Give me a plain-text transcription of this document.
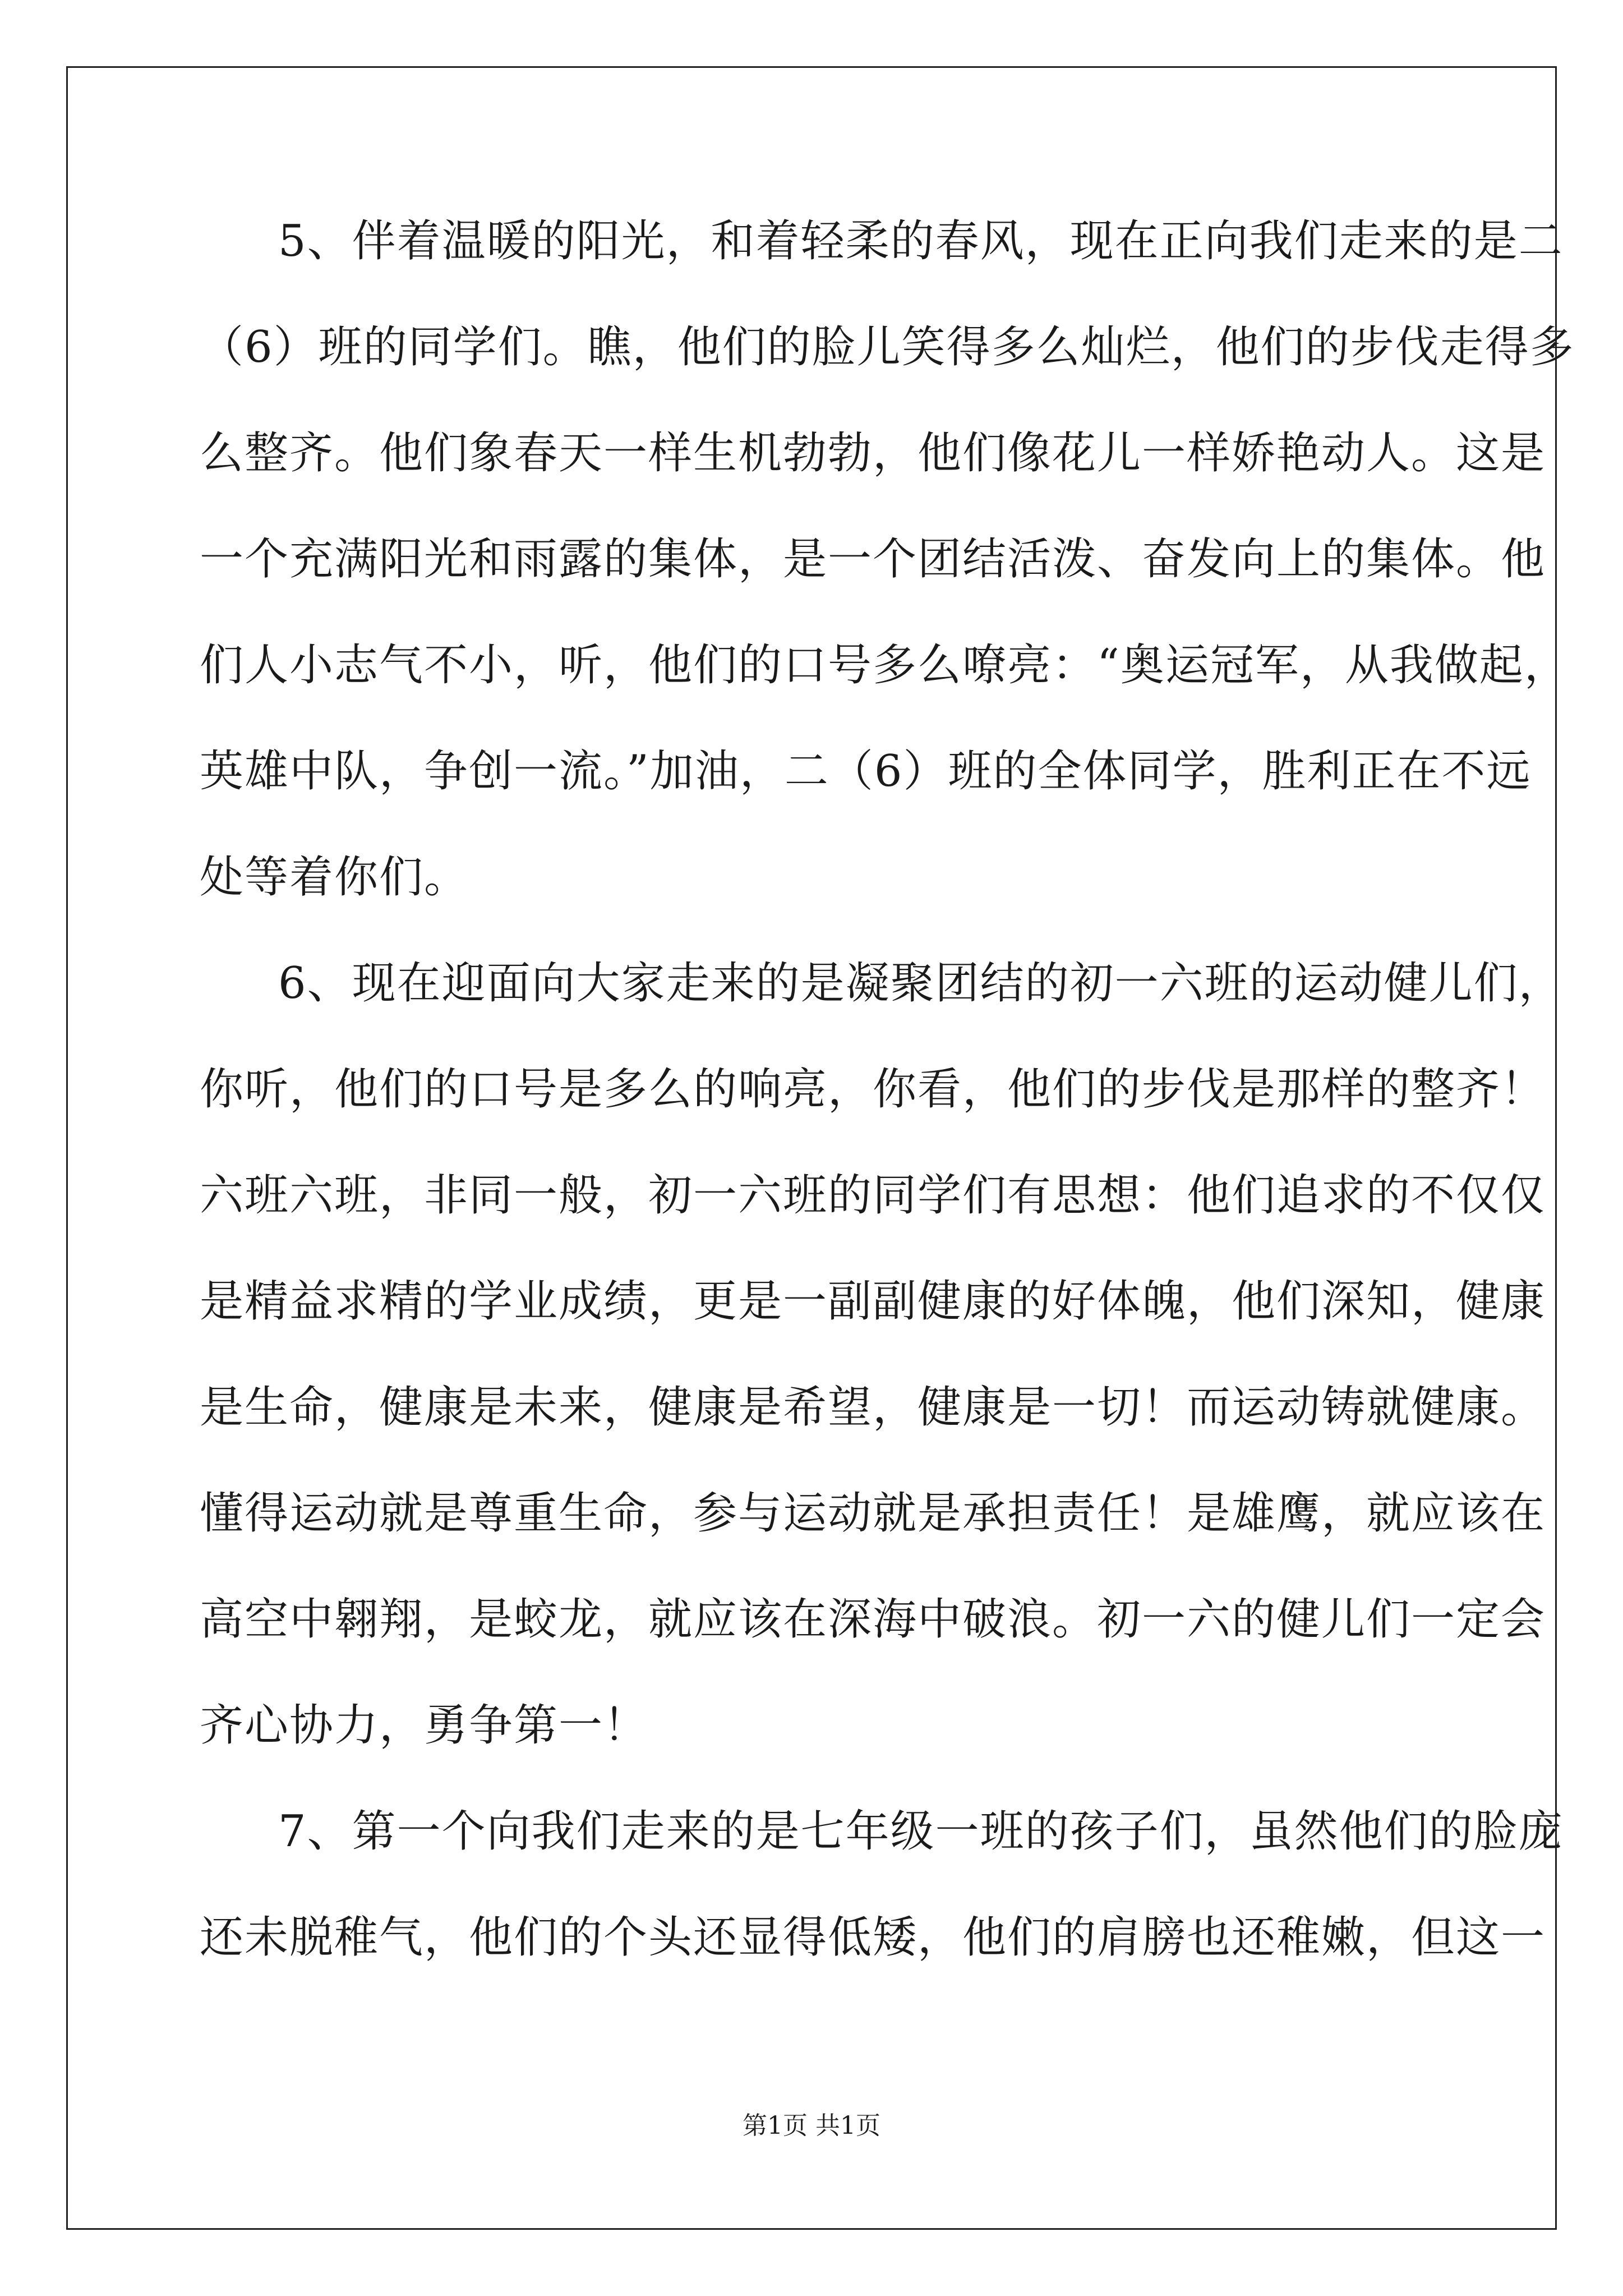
5、伴着温暖的阳光，和着轻柔的春风，现在正向我们走来的是二
（6）班的同学们。瞧，他们的脸儿笑得多么灿烂，他们的步伐走得多
么整齐。他们象春天一样生机勃勃，他们像花儿一样娇艳动人。这是
一个充满阳光和雨露的集体，是一个团结活泼、奋发向上的集体。他
们人小志气不小，听，他们的口号多么嘹亮：“奥运冠军，从我做起，
英雄中队，争创一流。”加油，二（6）班的全体同学，胜利正在不远
处等着你们。
6、现在迎面向大家走来的是凝聚团结的初一六班的运动健儿们，
你听，他们的口号是多么的响亮，你看，他们的步伐是那样的整齐！
六班六班，非同一般，初一六班的同学们有思想：他们追求的不仅仅
是精益求精的学业成绩，更是一副副健康的好体魄，他们深知，健康
是生命，健康是未来，健康是希望，健康是一切！而运动铸就健康。
懂得运动就是尊重生命，参与运动就是承担责任！是雄鹰，就应该在
高空中翱翔，是蛟龙，就应该在深海中破浪。初一六的健儿们一定会
齐心协力，勇争第一！
7、第一个向我们走来的是七年级一班的孩子们，虽然他们的脸庞
还未脱稚气，他们的个头还显得低矮，他们的肩膀也还稚嫩，但这一
第1页 共1页
